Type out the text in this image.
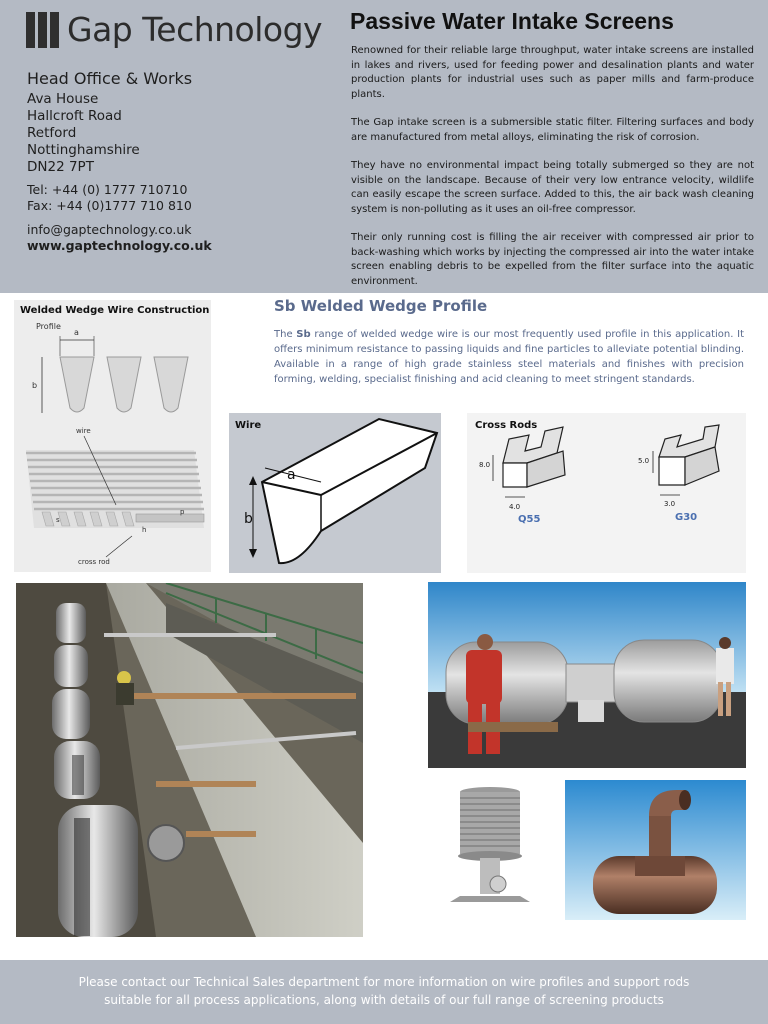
Gap Technology
Head Office & Works
Ava House
Hallcroft Road
Retford
Nottinghamshire
DN22 7PT
Tel: +44 (0) 1777 710710
Fax: +44 (0)1777 710 810
info@gaptechnology.co.uk
www.gaptechnology.co.uk
Passive Water Intake Screens

Renowned for their reliable large throughput, water intake screens are installed in lakes and rivers, used for feeding power and desalination plants and water production plants for industrial uses such as paper mills and farm-produce plants.

The Gap intake screen is a submersible static filter. Filtering surfaces and body are manufactured from metal alloys, eliminating the risk of corrosion.

They have no environmental impact being totally submerged so they are not visible on the landscape. Because of their very low entrance velocity, wildlife can easily escape the screen surface. Added to this, the air back wash cleaning system is non-polluting as it uses an oil-free compressor.

Their only running cost is filling the air receiver with compressed air prior to back-washing which works by injecting the compressed air into the water intake screen enabling debris to be expelled from the filter surface into the aquatic environment.

Welded Wedge Wire Construction
Profile
a
b
wire
s
h
p
cross rod
Sb Welded Wedge Profile
The Sb range of welded wedge wire is our most frequently used profile in this application. It offers minimum resistance to passing liquids and fine particles to alleviate potential blinding. Available in a range of high grade stainless steel materials and finishes with precision forming, welding, specialist finishing and acid cleaning to meet stringent standards.
Wire
a
b
Cross Rods
8.0
4.0
Q55
5.0
3.0
G30
Please contact our Technical Sales department for more information on wire profiles and support rods
suitable for all process applications, along with details of our full range of screening products
